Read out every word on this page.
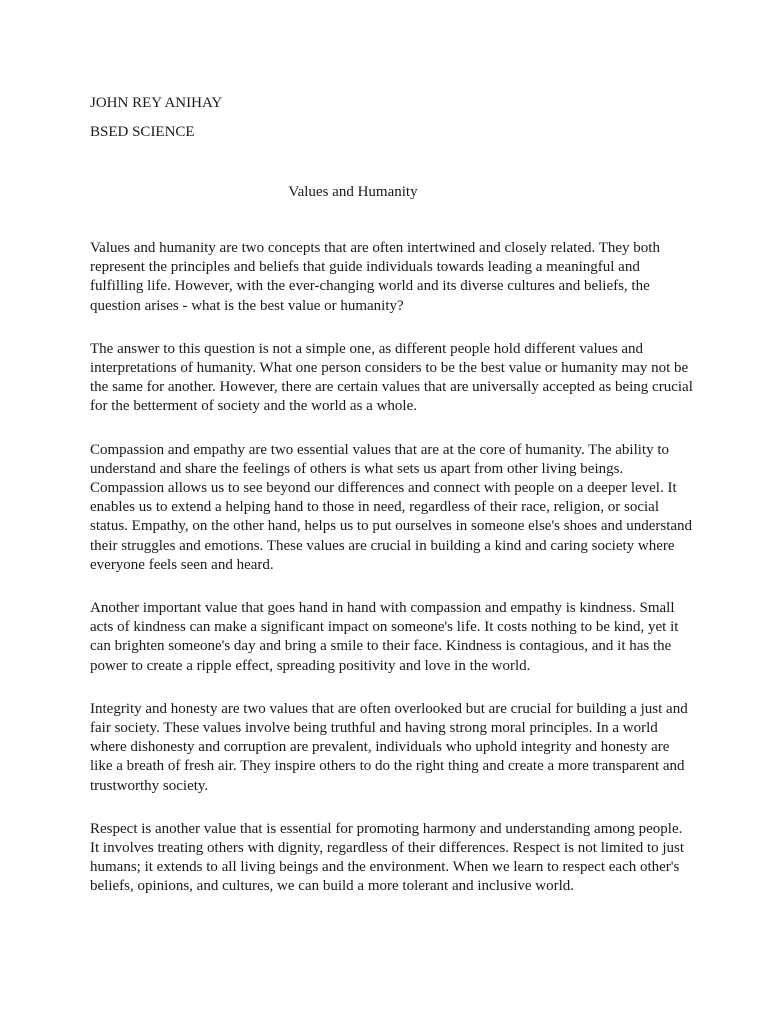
JOHN REY ANIHAY

BSED SCIENCE

Values and Humanity

Values and humanity are two concepts that are often intertwined and closely related. They both represent the principles and beliefs that guide individuals towards leading a meaningful and fulfilling life. However, with the ever-changing world and its diverse cultures and beliefs, the question arises - what is the best value or humanity?

The answer to this question is not a simple one, as different people hold different values and interpretations of humanity. What one person considers to be the best value or humanity may not be the same for another. However, there are certain values that are universally accepted as being crucial for the betterment of society and the world as a whole.

Compassion and empathy are two essential values that are at the core of humanity. The ability to understand and share the feelings of others is what sets us apart from other living beings. Compassion allows us to see beyond our differences and connect with people on a deeper level. It enables us to extend a helping hand to those in need, regardless of their race, religion, or social status. Empathy, on the other hand, helps us to put ourselves in someone else's shoes and understand their struggles and emotions. These values are crucial in building a kind and caring society where everyone feels seen and heard.

Another important value that goes hand in hand with compassion and empathy is kindness. Small acts of kindness can make a significant impact on someone's life. It costs nothing to be kind, yet it can brighten someone's day and bring a smile to their face. Kindness is contagious, and it has the power to create a ripple effect, spreading positivity and love in the world.

Integrity and honesty are two values that are often overlooked but are crucial for building a just and fair society. These values involve being truthful and having strong moral principles. In a world where dishonesty and corruption are prevalent, individuals who uphold integrity and honesty are like a breath of fresh air. They inspire others to do the right thing and create a more transparent and trustworthy society.

Respect is another value that is essential for promoting harmony and understanding among people. It involves treating others with dignity, regardless of their differences. Respect is not limited to just humans; it extends to all living beings and the environment. When we learn to respect each other's beliefs, opinions, and cultures, we can build a more tolerant and inclusive world.
